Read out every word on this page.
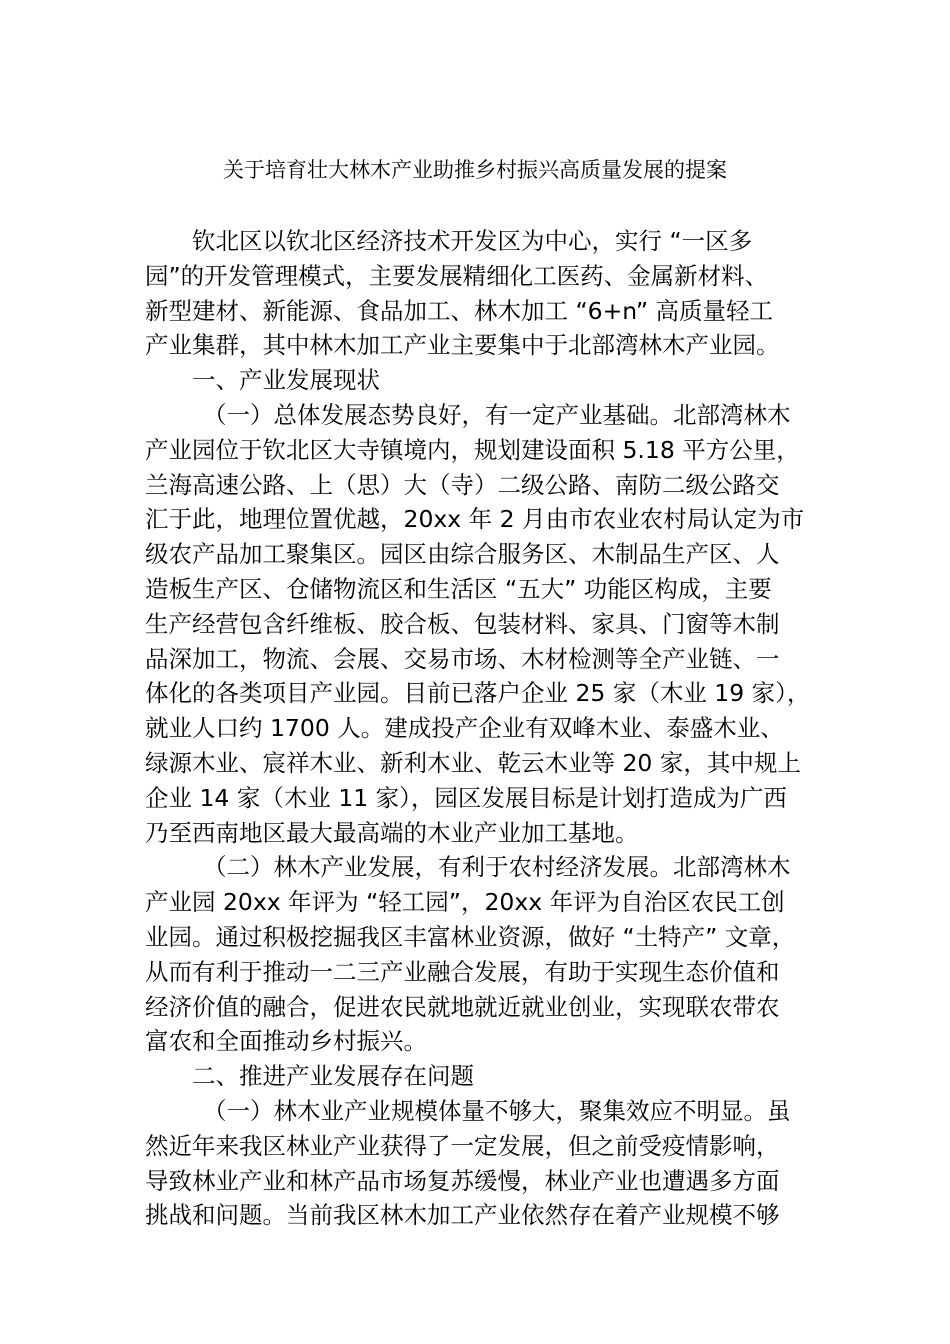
关于培育壮大林木产业助推乡村振兴高质量发展的提案
钦北区以钦北区经济技术开发区为中心，实行 “一区多
园”的开发管理模式，主要发展精细化工医药、金属新材料、
新型建材、新能源、食品加工、林木加工 “6+n” 高质量轻工
产业集群，其中林木加工产业主要集中于北部湾林木产业园。
一、产业发展现状
（一）总体发展态势良好，有一定产业基础。北部湾林木
产业园位于钦北区大寺镇境内，规划建设面积 5.18 平方公里，
兰海高速公路、上（思）大（寺）二级公路、南防二级公路交
汇于此，地理位置优越，20xx 年 2 月由市农业农村局认定为市
级农产品加工聚集区。园区由综合服务区、木制品生产区、人
造板生产区、仓储物流区和生活区 “五大” 功能区构成，主要
生产经营包含纤维板、胶合板、包装材料、家具、门窗等木制
品深加工，物流、会展、交易市场、木材检测等全产业链、一
体化的各类项目产业园。目前已落户企业 25 家（木业 19 家），
就业人口约 1700 人。建成投产企业有双峰木业、泰盛木业、
绿源木业、宸祥木业、新利木业、乾云木业等 20 家，其中规上
企业 14 家（木业 11 家），园区发展目标是计划打造成为广西
乃至西南地区最大最高端的木业产业加工基地。
（二）林木产业发展，有利于农村经济发展。北部湾林木
产业园 20xx 年评为 “轻工园”，20xx 年评为自治区农民工创
业园。通过积极挖掘我区丰富林业资源，做好 “土特产” 文章，
从而有利于推动一二三产业融合发展，有助于实现生态价值和
经济价值的融合，促进农民就地就近就业创业，实现联农带农
富农和全面推动乡村振兴。
二、推进产业发展存在问题
（一）林木业产业规模体量不够大，聚集效应不明显。虽
然近年来我区林业产业获得了一定发展，但之前受疫情影响，
导致林业产业和林产品市场复苏缓慢，林业产业也遭遇多方面
挑战和问题。当前我区林木加工产业依然存在着产业规模不够
